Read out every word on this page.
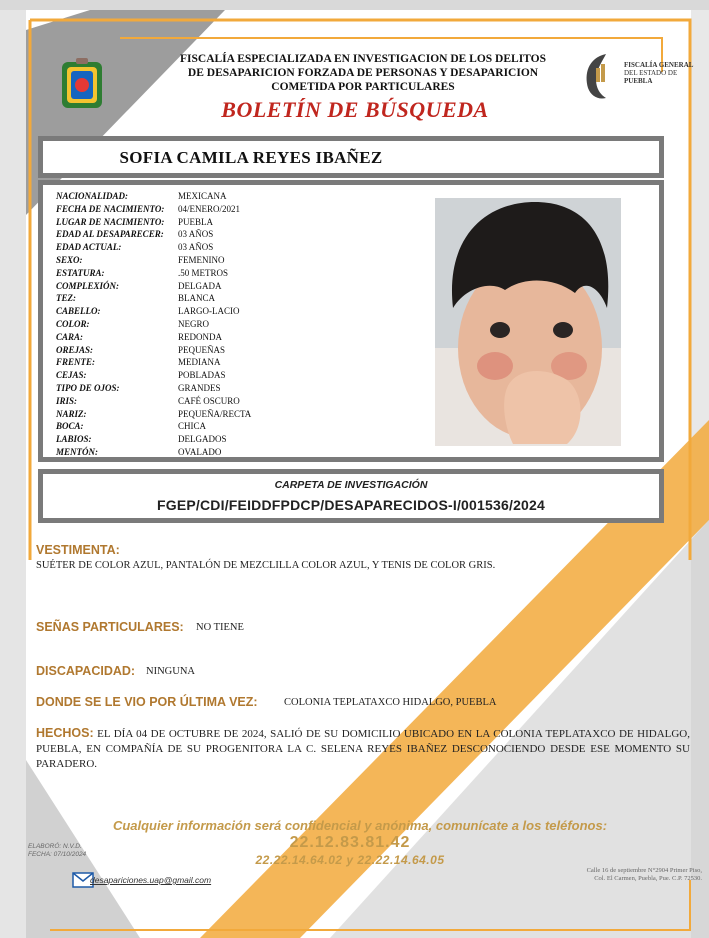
FISCALÍA GENERAL
DEL ESTADO DE
PUEBLA
FISCALÍA ESPECIALIZADA EN INVESTIGACION DE LOS DELITOS
DE DESAPARICION FORZADA DE PERSONAS Y DESAPARICION
COMETIDA POR PARTICULARES
BOLETÍN DE BÚSQUEDA
SOFIA CAMILA REYES IBAÑEZ
NACIONALIDAD:	MEXICANA
FECHA DE NACIMIENTO:	04/ENERO/2021
LUGAR DE NACIMIENTO:	PUEBLA
EDAD AL DESAPARECER:	03 AÑOS
EDAD ACTUAL:	03 AÑOS
SEXO:	FEMENINO
ESTATURA:	.50 METROS
COMPLEXIÓN:	DELGADA
TEZ:	BLANCA
CABELLO:	LARGO-LACIO
COLOR:	NEGRO
CARA:	REDONDA
OREJAS:	PEQUEÑAS
FRENTE:	MEDIANA
CEJAS:	POBLADAS
TIPO DE OJOS:	GRANDES
IRIS:	CAFÉ OSCURO
NARIZ:	PEQUEÑA/RECTA
BOCA:	CHICA
LABIOS:	DELGADOS
MENTÓN:	OVALADO
CARPETA DE INVESTIGACIÓN
FGEP/CDI/FEIDDFPDCP/DESAPARECIDOS-I/001536/2024
VESTIMENTA:
SUÉTER DE COLOR AZUL, PANTALÓN DE MEZCLILLA COLOR AZUL, Y TENIS DE COLOR GRIS.
SEÑAS PARTICULARES: NO TIENE
DISCAPACIDAD: NINGUNA
DONDE SE LE VIO POR ÚLTIMA VEZ:	COLONIA TEPLATAXCO HIDALGO, PUEBLA
HECHOS: EL DÍA 04 DE OCTUBRE DE 2024, SALIÓ DE SU DOMICILIO UBICADO EN LA COLONIA TEPLATAXCO DE HIDALGO, PUEBLA, EN COMPAÑÍA DE SU PROGENITORA LA C. SELENA REYES IBAÑEZ DESCONOCIENDO DESDE ESE MOMENTO SU PARADERO.
Cualquier información será confidencial y anónima, comunícate a los teléfonos:
22.12.83.81.42
22.22.14.64.02 y 22.22.14.64.05
ELABORÓ: N.V.D.
FECHA: 07/10/2024
desapariciones.uap@gmail.com
Calle 16 de septiembre N°2904 Primer Piso,
Col. El Carmen, Puebla, Pue. C.P. 72530.
